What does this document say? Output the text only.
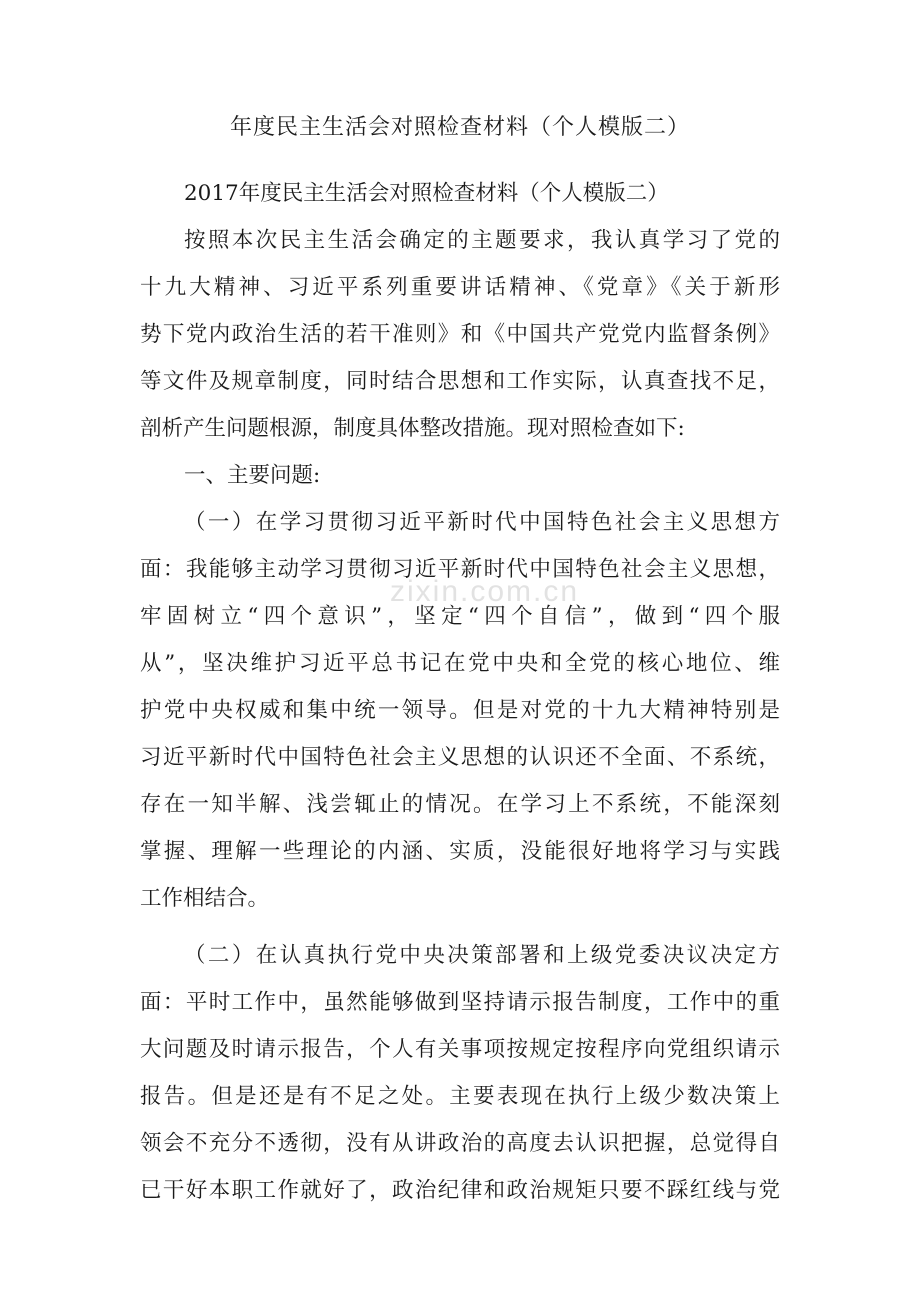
zixin.com.cn
年度民主生活会对照检查材料（个人模版二）
2017年度民主生活会对照检查材料（个人模版二）
按照本次民主生活会确定的主题要求，我认真学习了党的
十九大精神、习近平系列重要讲话精神、《党章》《关于新形
势下党内政治生活的若干准则》和《中国共产党党内监督条例》
等文件及规章制度，同时结合思想和工作实际，认真查找不足，
剖析产生问题根源，制度具体整改措施。现对照检查如下:
一、主要问题:
（一）在学习贯彻习近平新时代中国特色社会主义思想方
面：我能够主动学习贯彻习近平新时代中国特色社会主义思想，
牢固树立“四个意识”，坚定“四个自信”，做到“四个服
从”，坚决维护习近平总书记在党中央和全党的核心地位、维
护党中央权威和集中统一领导。但是对党的十九大精神特别是
习近平新时代中国特色社会主义思想的认识还不全面、不系统，
存在一知半解、浅尝辄止的情况。在学习上不系统，不能深刻
掌握、理解一些理论的内涵、实质，没能很好地将学习与实践
工作相结合。
（二）在认真执行党中央决策部署和上级党委决议决定方
面：平时工作中，虽然能够做到坚持请示报告制度，工作中的重
大问题及时请示报告，个人有关事项按规定按程序向党组织请示
报告。但是还是有不足之处。主要表现在执行上级少数决策上
领会不充分不透彻，没有从讲政治的高度去认识把握，总觉得自
已干好本职工作就好了，政治纪律和政治规矩只要不踩红线与党
